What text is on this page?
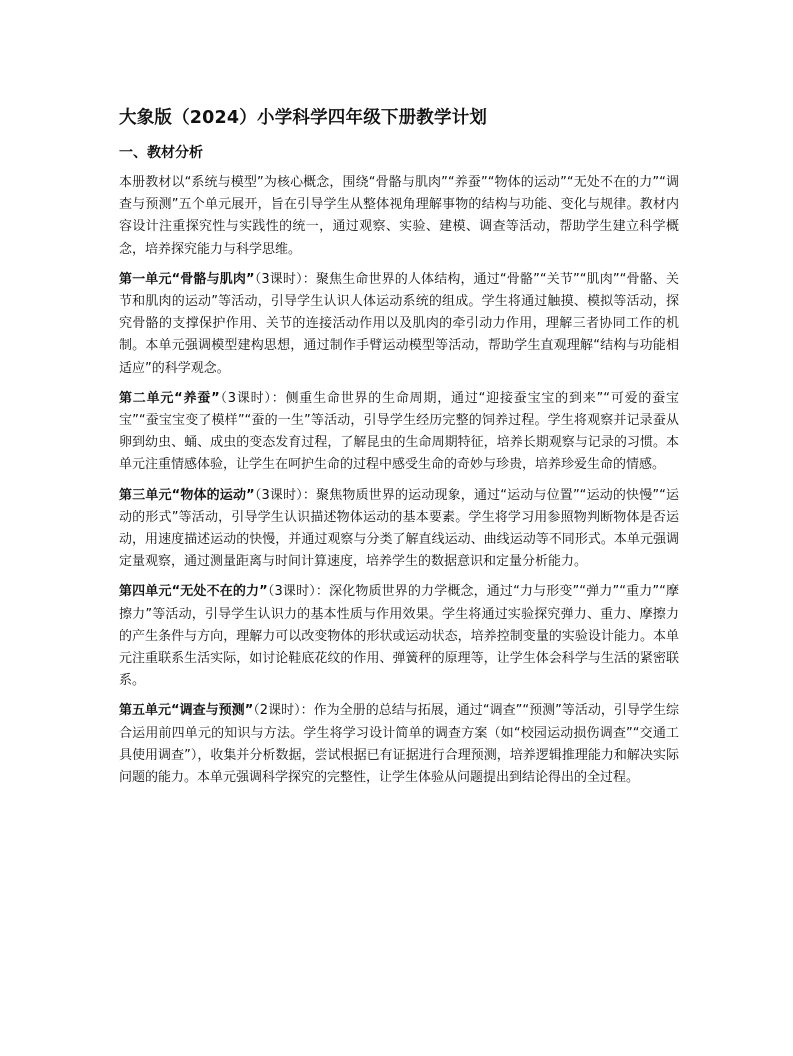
大象版（2024）小学科学四年级下册教学计划
一、教材分析

本册教材以“系统与模型”为核心概念，围绕“骨骼与肌肉”“养蚕”“物体的运动”“无处不在的力”“调查与预测”五个单元展开，旨在引导学生从整体视角理解事物的结构与功能、变化与规律。教材内容设计注重探究性与实践性的统一，通过观察、实验、建模、调查等活动，帮助学生建立科学概念，培养探究能力与科学思维。

第一单元“骨骼与肌肉”（3课时）：聚焦生命世界的人体结构，通过“骨骼”“关节”“肌肉”“骨骼、关节和肌肉的运动”等活动，引导学生认识人体运动系统的组成。学生将通过触摸、模拟等活动，探究骨骼的支撑保护作用、关节的连接活动作用以及肌肉的牵引动力作用，理解三者协同工作的机制。本单元强调模型建构思想，通过制作手臂运动模型等活动，帮助学生直观理解“结构与功能相适应”的科学观念。

第二单元“养蚕”（3课时）：侧重生命世界的生命周期，通过“迎接蚕宝宝的到来”“可爱的蚕宝宝”“蚕宝宝变了模样”“蚕的一生”等活动，引导学生经历完整的饲养过程。学生将观察并记录蚕从卵到幼虫、蛹、成虫的变态发育过程，了解昆虫的生命周期特征，培养长期观察与记录的习惯。本单元注重情感体验，让学生在呵护生命的过程中感受生命的奇妙与珍贵，培养珍爱生命的情感。

第三单元“物体的运动”（3课时）：聚焦物质世界的运动现象，通过“运动与位置”“运动的快慢”“运动的形式”等活动，引导学生认识描述物体运动的基本要素。学生将学习用参照物判断物体是否运动，用速度描述运动的快慢，并通过观察与分类了解直线运动、曲线运动等不同形式。本单元强调定量观察，通过测量距离与时间计算速度，培养学生的数据意识和定量分析能力。

第四单元“无处不在的力”（3课时）：深化物质世界的力学概念，通过“力与形变”“弹力”“重力”“摩擦力”等活动，引导学生认识力的基本性质与作用效果。学生将通过实验探究弹力、重力、摩擦力的产生条件与方向，理解力可以改变物体的形状或运动状态，培养控制变量的实验设计能力。本单元注重联系生活实际，如讨论鞋底花纹的作用、弹簧秤的原理等，让学生体会科学与生活的紧密联系。

第五单元“调查与预测”（2课时）：作为全册的总结与拓展，通过“调查”“预测”等活动，引导学生综合运用前四单元的知识与方法。学生将学习设计简单的调查方案（如“校园运动损伤调查”“交通工具使用调查”），收集并分析数据，尝试根据已有证据进行合理预测，培养逻辑推理能力和解决实际问题的能力。本单元强调科学探究的完整性，让学生体验从问题提出到结论得出的全过程。
